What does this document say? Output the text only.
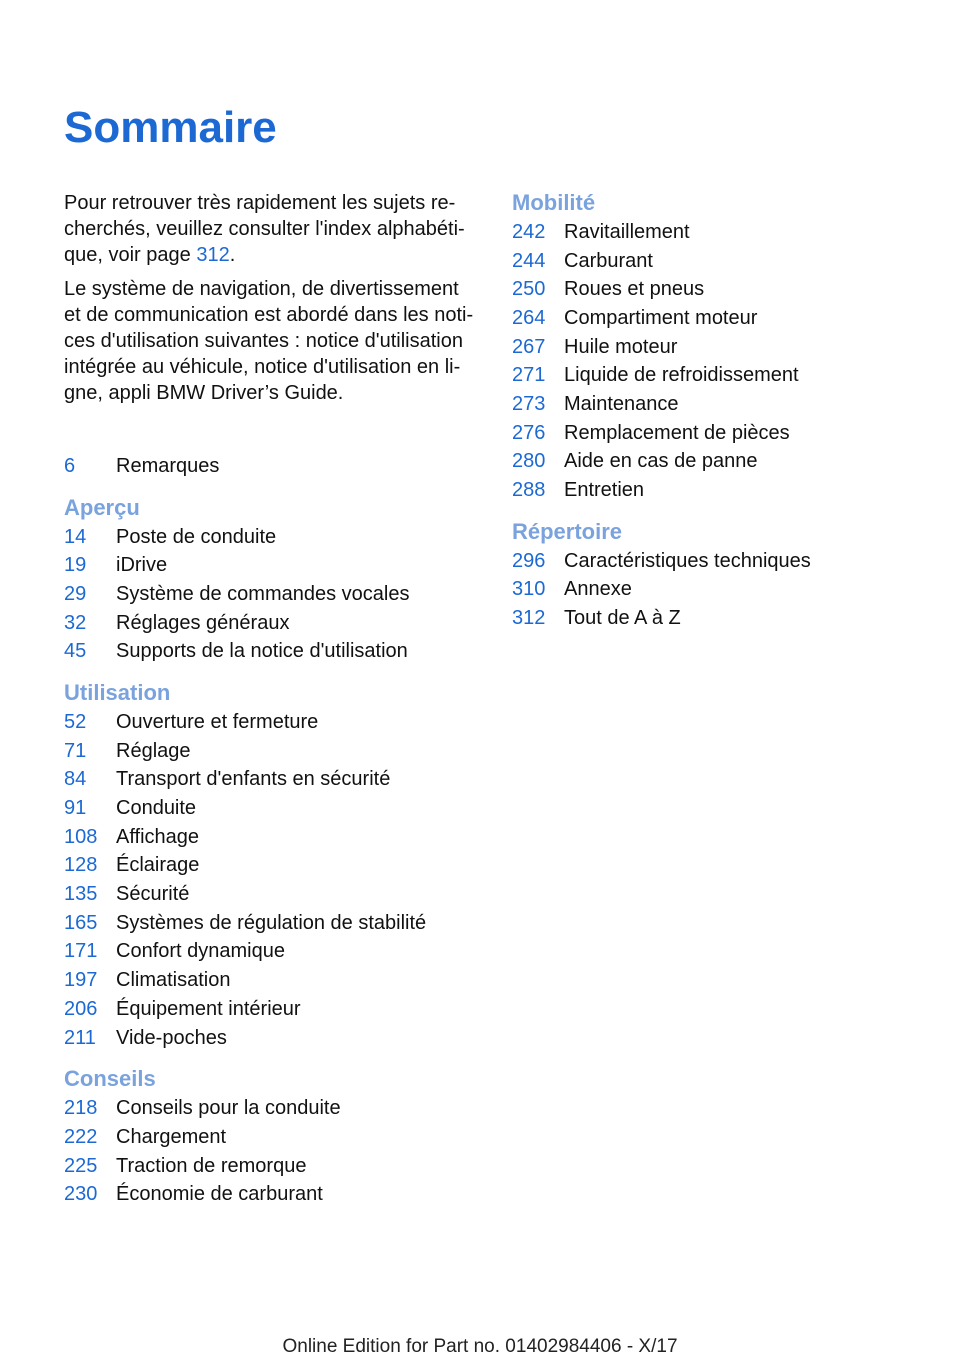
Sommaire

Pour retrouver très rapidement les sujets re-cherchés, veuillez consulter l'index alphabéti-que, voir page 312.

Le système de navigation, de divertissement et de communication est abordé dans les noti-ces d'utilisation suivantes : notice d'utilisation intégrée au véhicule, notice d'utilisation en li-gne, appli BMW Driver’s Guide.

6	Remarques
Aperçu
14	Poste de conduite
19	iDrive
29	Système de commandes vocales
32	Réglages généraux
45	Supports de la notice d'utilisation
Utilisation
52	Ouverture et fermeture
71	Réglage
84	Transport d'enfants en sécurité
91	Conduite
108 Affichage
128 Éclairage
135 Sécurité
165 Systèmes de régulation de stabilité
171 Confort dynamique
197 Climatisation
206 Équipement intérieur
211	Vide-poches
Conseils
218 Conseils pour la conduite
222 Chargement
225 Traction de remorque
230 Économie de carburant
Mobilité
242 Ravitaillement
244 Carburant
250 Roues et pneus
264 Compartiment moteur
267 Huile moteur
271 Liquide de refroidissement
273 Maintenance
276 Remplacement de pièces
280 Aide en cas de panne
288 Entretien
Répertoire
296 Caractéristiques techniques
310 Annexe
312 Tout de A à Z
Online Edition for Part no. 01402984406 - X/17
